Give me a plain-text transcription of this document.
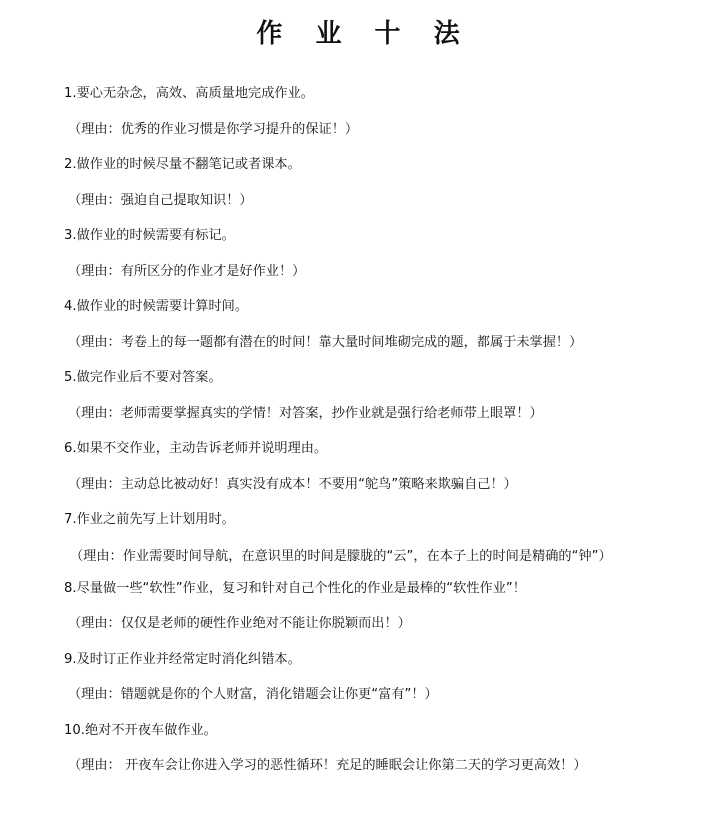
作 业 十 法
1.要心无杂念，高效、高质量地完成作业。
（理由：优秀的作业习惯是你学习提升的保证！）
2.做作业的时候尽量不翻笔记或者课本。
（理由：强迫自己提取知识！）
3.做作业的时候需要有标记。
（理由：有所区分的作业才是好作业！）
4.做作业的时候需要计算时间。
（理由：考卷上的每一题都有潜在的时间！靠大量时间堆砌完成的题，都属于未掌握！）
5.做完作业后不要对答案。
（理由：老师需要掌握真实的学情！对答案，抄作业就是强行给老师带上眼罩！）
6.如果不交作业，主动告诉老师并说明理由。
（理由：主动总比被动好！真实没有成本！不要用“鸵鸟”策略来欺骗自己！）
7.作业之前先写上计划用时。
（理由：作业需要时间导航，在意识里的时间是朦胧的“云”，在本子上的时间是精确的“钟”）
8.尽量做一些“软性”作业，复习和针对自己个性化的作业是最棒的“软性作业”！
（理由：仅仅是老师的硬性作业绝对不能让你脱颖而出！）
9.及时订正作业并经常定时消化纠错本。
（理由：错题就是你的个人财富，消化错题会让你更“富有”！）
10.绝对不开夜车做作业。
（理由： 开夜车会让你进入学习的恶性循环！充足的睡眠会让你第二天的学习更高效！）
